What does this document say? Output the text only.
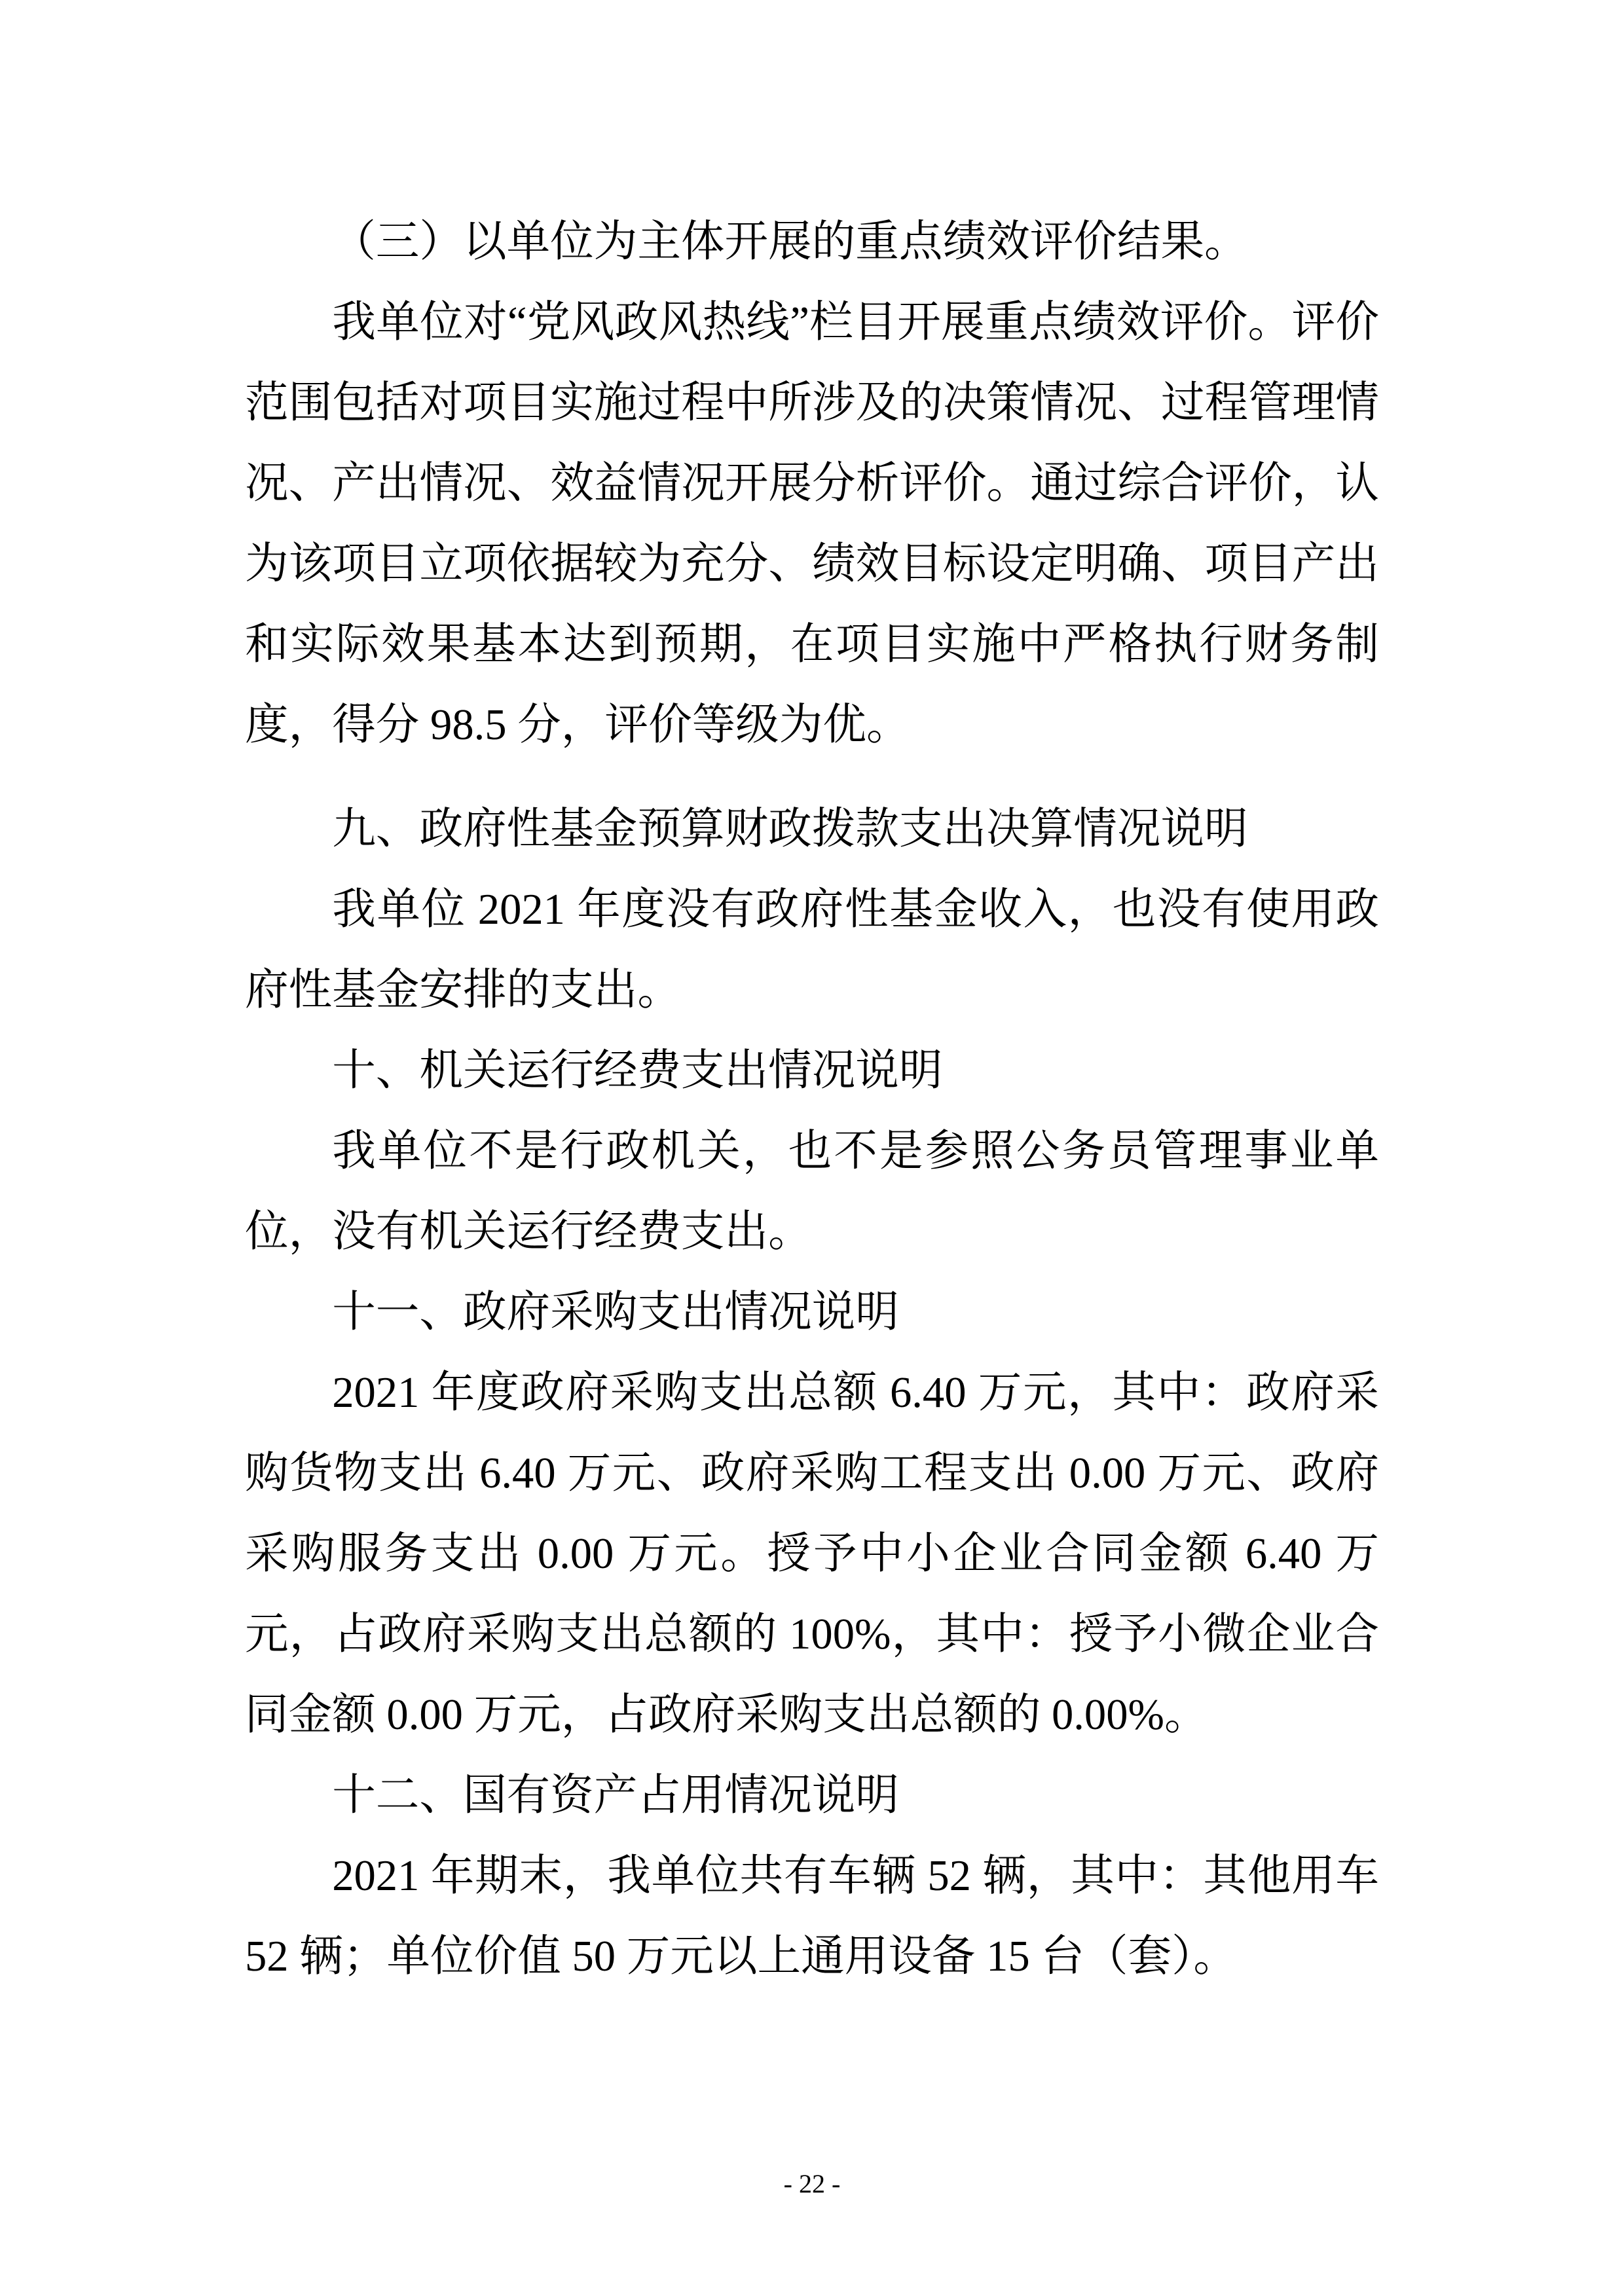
（三）以单位为主体开展的重点绩效评价结果。

我单位对“党风政风热线”栏目开展重点绩效评价。评价范围包括对项目实施过程中所涉及的决策情况、过程管理情况、产出情况、效益情况开展分析评价。通过综合评价，认为该项目立项依据较为充分、绩效目标设定明确、项目产出和实际效果基本达到预期，在项目实施中严格执行财务制度，得分 98.5 分，评价等级为优。

九、政府性基金预算财政拨款支出决算情况说明

我单位 2021 年度没有政府性基金收入，也没有使用政府性基金安排的支出。

十、机关运行经费支出情况说明

我单位不是行政机关，也不是参照公务员管理事业单位，没有机关运行经费支出。

十一、政府采购支出情况说明

2021 年度政府采购支出总额 6.40 万元，其中：政府采购货物支出 6.40 万元、政府采购工程支出 0.00 万元、政府采购服务支出 0.00 万元。授予中小企业合同金额 6.40 万元，占政府采购支出总额的 100%，其中：授予小微企业合同金额 0.00 万元，占政府采购支出总额的 0.00%。

十二、国有资产占用情况说明

2021 年期末，我单位共有车辆 52 辆，其中：其他用车 52 辆；单位价值 50 万元以上通用设备 15 台（套）。

- 22 -
